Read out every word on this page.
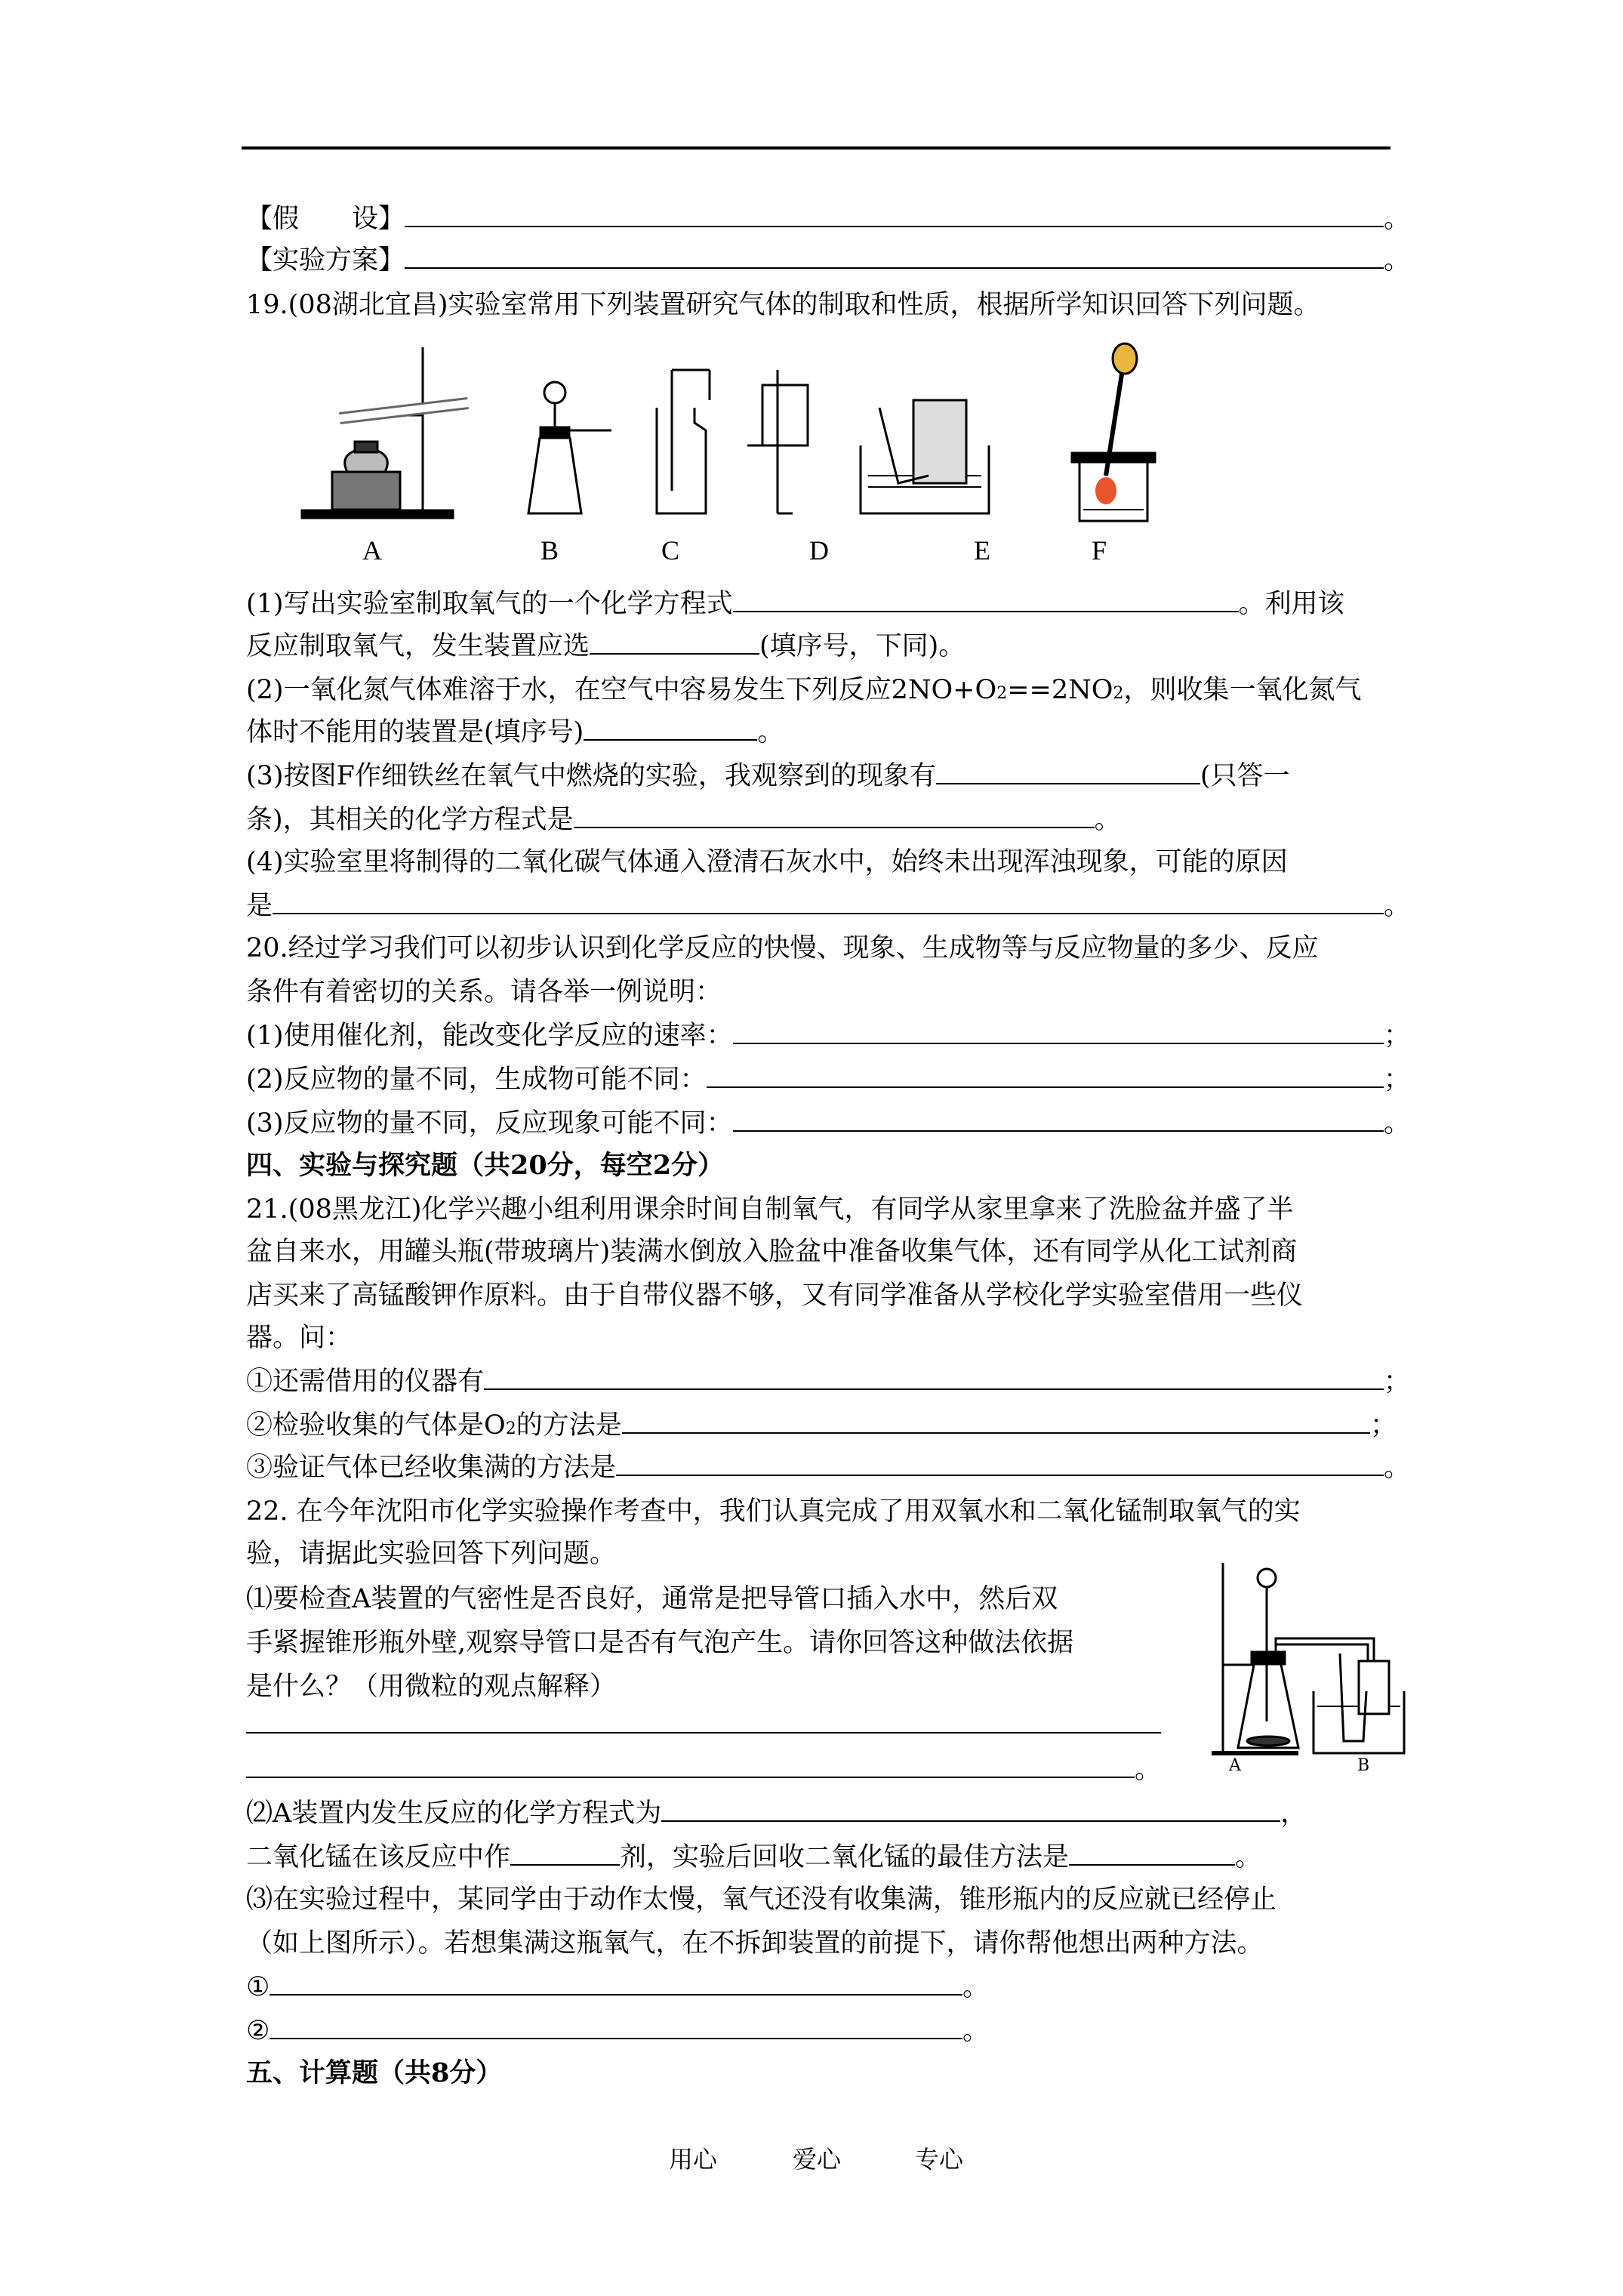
【假　　设】	。
【实验方案】	。
19.(08湖北宜昌)实验室常用下列装置研究气体的制取和性质，根据所学知识回答下列问题。
A	B	C	D	E	F
(1)写出实验室制取氧气的一个化学方程式	。利用该
反应制取氧气，发生装置应选	(填序号，下同)。
(2)一氧化氮气体难溶于水，在空气中容易发生下列反应2NO+O 2 ==2NO 2 ，则收集一氧化氮气
体时不能用的装置是(填序号)	。
(3)按图F作细铁丝在氧气中燃烧的实验，我观察到的现象有	(只答一
条)，其相关的化学方程式是	。
(4)实验室里将制得的二氧化碳气体通入澄清石灰水中，始终未出现浑浊现象，可能的原因
是	。
20.经过学习我们可以初步认识到化学反应的快慢、现象、生成物等与反应物量的多少、反应
条件有着密切的关系。请各举一例说明：
(1)使用催化剂，能改变化学反应的速率：	；
(2)反应物的量不同，生成物可能不同：	；
(3)反应物的量不同，反应现象可能不同：	。
四、实验与探究题（共20分，每空2分）
21.(08黑龙江)化学兴趣小组利用课余时间自制氧气，有同学从家里拿来了洗脸盆并盛了半
盆自来水，用罐头瓶(带玻璃片)装满水倒放入脸盆中准备收集气体，还有同学从化工试剂商
店买来了高锰酸钾作原料。由于自带仪器不够，又有同学准备从学校化学实验室借用一些仪
器。问：
①还需借用的仪器有	；
②检验收集的气体是O 2 的方法是	；
③验证气体已经收集满的方法是	。
22. 在今年沈阳市化学实验操作考查中，我们认真完成了用双氧水和二氧化锰制取氧气的实
验，请据此实验回答下列问题。
⑴要检查A装置的气密性是否良好，通常是把导管口插入水中，然后双
手紧握锥形瓶外壁,观察导管口是否有气泡产生。请你回答这种做法依据
是什么？（用微粒的观点解释）
。	A	B
⑵A装置内发生反应的化学方程式为	，
二氧化锰在该反应中作	剂，实验后回收二氧化锰的最佳方法是	。
⑶在实验过程中，某同学由于动作太慢，氧气还没有收集满，锥形瓶内的反应就已经停止
（如上图所示）。若想集满这瓶氧气，在不拆卸装置的前提下，请你帮他想出两种方法。
①	。
②	。
五、计算题（共8分）
用心	爱心	专心
